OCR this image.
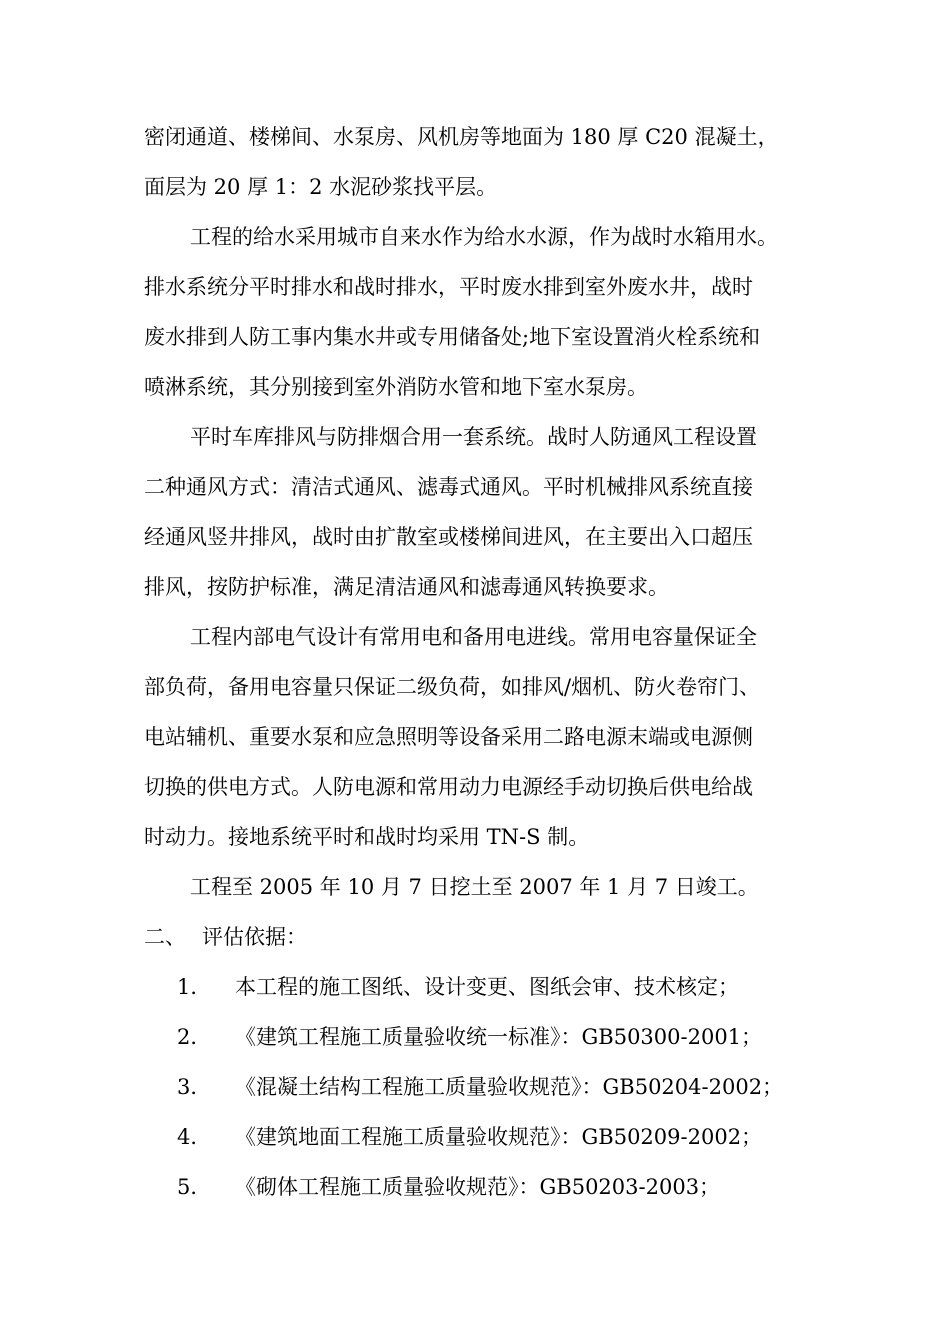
密闭通道、楼梯间、水泵房、风机房等地面为 180 厚 C20 混凝土，
面层为 20 厚 1：2 水泥砂浆找平层。
工程的给水采用城市自来水作为给水水源，作为战时水箱用水。
排水系统分平时排水和战时排水，平时废水排到室外废水井，战时
废水排到人防工事内集水井或专用储备处;地下室设置消火栓系统和
喷淋系统，其分别接到室外消防水管和地下室水泵房。
平时车库排风与防排烟合用一套系统。战时人防通风工程设置
二种通风方式：清洁式通风、滤毒式通风。平时机械排风系统直接
经通风竖井排风，战时由扩散室或楼梯间进风，在主要出入口超压
排风，按防护标准，满足清洁通风和滤毒通风转换要求。
工程内部电气设计有常用电和备用电进线。常用电容量保证全
部负荷，备用电容量只保证二级负荷，如排风/烟机、防火卷帘门、
电站辅机、重要水泵和应急照明等设备采用二路电源末端或电源侧
切换的供电方式。人防电源和常用动力电源经手动切换后供电给战
时动力。接地系统平时和战时均采用 TN-S 制。
工程至 2005 年 10 月 7 日挖土至 2007 年 1 月 7 日竣工。
二、 评估依据：
1． 本工程的施工图纸、设计变更、图纸会审、技术核定；
2． 《建筑工程施工质量验收统一标准》：GB50300-2001；
3． 《混凝土结构工程施工质量验收规范》：GB50204-2002；
4． 《建筑地面工程施工质量验收规范》：GB50209-2002；
5． 《砌体工程施工质量验收规范》：GB50203-2003；
